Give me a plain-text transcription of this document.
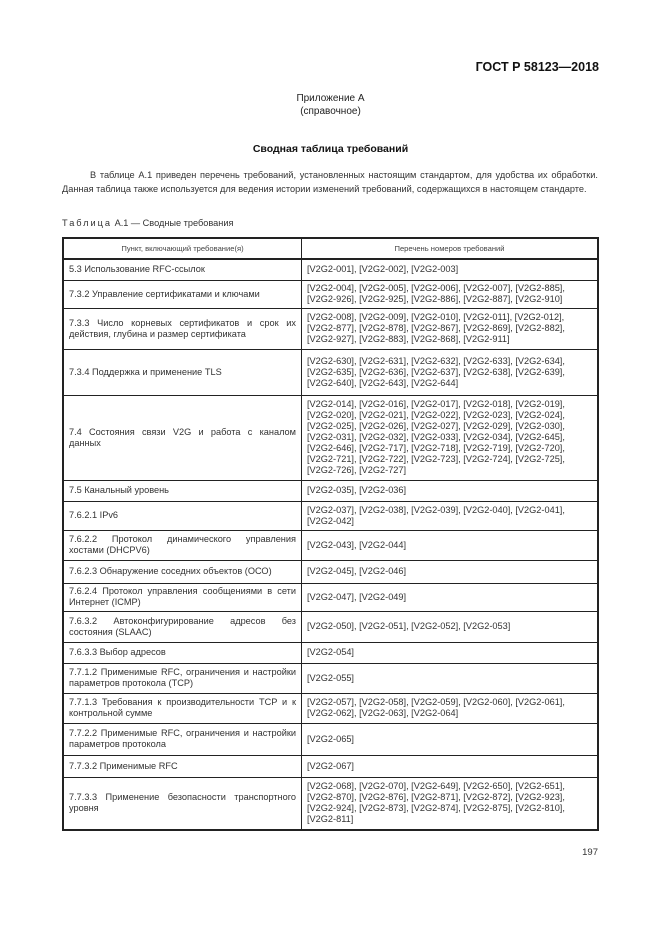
ГОСТ Р 58123—2018
Приложение А
(справочное)
Сводная таблица требований
В таблице А.1 приведен перечень требований, установленных настоящим стандартом, для удобства их обработки. Данная таблица также используется для ведения истории изменений требований, содержащихся в настоящем стандарте.
Таблица А.1 — Сводные требования
Пункт, включающий требование(я)	Перечень номеров требований
5.3 Использование RFC-ссылок	[V2G2-001], [V2G2-002], [V2G2-003]
7.3.2 Управление сертификатами и ключами	[V2G2-004], [V2G2-005], [V2G2-006], [V2G2-007], [V2G2-885], [V2G2-926], [V2G2-925], [V2G2-886], [V2G2-887], [V2G2-910]
7.3.3 Число корневых сертификатов и срок их действия, глубина и размер сертификата	[V2G2-008], [V2G2-009], [V2G2-010], [V2G2-011], [V2G2-012], [V2G2-877], [V2G2-878], [V2G2-867], [V2G2-869], [V2G2-882], [V2G2-927], [V2G2-883], [V2G2-868], [V2G2-911]
7.3.4 Поддержка и применение TLS	[V2G2-630], [V2G2-631], [V2G2-632], [V2G2-633], [V2G2-634], [V2G2-635], [V2G2-636], [V2G2-637], [V2G2-638], [V2G2-639], [V2G2-640], [V2G2-643], [V2G2-644]
7.4 Состояния связи V2G и работа с каналом данных	[V2G2-014], [V2G2-016], [V2G2-017], [V2G2-018], [V2G2-019], [V2G2-020], [V2G2-021], [V2G2-022], [V2G2-023], [V2G2-024], [V2G2-025], [V2G2-026], [V2G2-027], [V2G2-029], [V2G2-030], [V2G2-031], [V2G2-032], [V2G2-033], [V2G2-034], [V2G2-645], [V2G2-646], [V2G2-717], [V2G2-718], [V2G2-719], [V2G2-720], [V2G2-721], [V2G2-722], [V2G2-723], [V2G2-724], [V2G2-725], [V2G2-726], [V2G2-727]
7.5 Канальный уровень	[V2G2-035], [V2G2-036]
7.6.2.1 IPv6	[V2G2-037], [V2G2-038], [V2G2-039], [V2G2-040], [V2G2-041], [V2G2-042]
7.6.2.2 Протокол динамического управления хостами (DHCPV6)	[V2G2-043], [V2G2-044]
7.6.2.3 Обнаружение соседних объектов (ОСО)	[V2G2-045], [V2G2-046]
7.6.2.4 Протокол управления сообщениями в сети Интернет (ICMP)	[V2G2-047], [V2G2-049]
7.6.3.2 Автоконфигурирование адресов без состояния (SLAAC)	[V2G2-050], [V2G2-051], [V2G2-052], [V2G2-053]
7.6.3.3 Выбор адресов	[V2G2-054]
7.7.1.2 Применимые RFC, ограничения и настройки параметров протокола (TCP)	[V2G2-055]
7.7.1.3 Требования к производительности TCP и к контрольной сумме	[V2G2-057], [V2G2-058], [V2G2-059], [V2G2-060], [V2G2-061], [V2G2-062], [V2G2-063], [V2G2-064]
7.7.2.2 Применимые RFC, ограничения и настройки параметров протокола	[V2G2-065]
7.7.3.2 Применимые RFC	[V2G2-067]
7.7.3.3 Применение безопасности транспортного уровня	[V2G2-068], [V2G2-070], [V2G2-649], [V2G2-650], [V2G2-651], [V2G2-870], [V2G2-876], [V2G2-871], [V2G2-872], [V2G2-923], [V2G2-924], [V2G2-873], [V2G2-874], [V2G2-875], [V2G2-810], [V2G2-811]
197
